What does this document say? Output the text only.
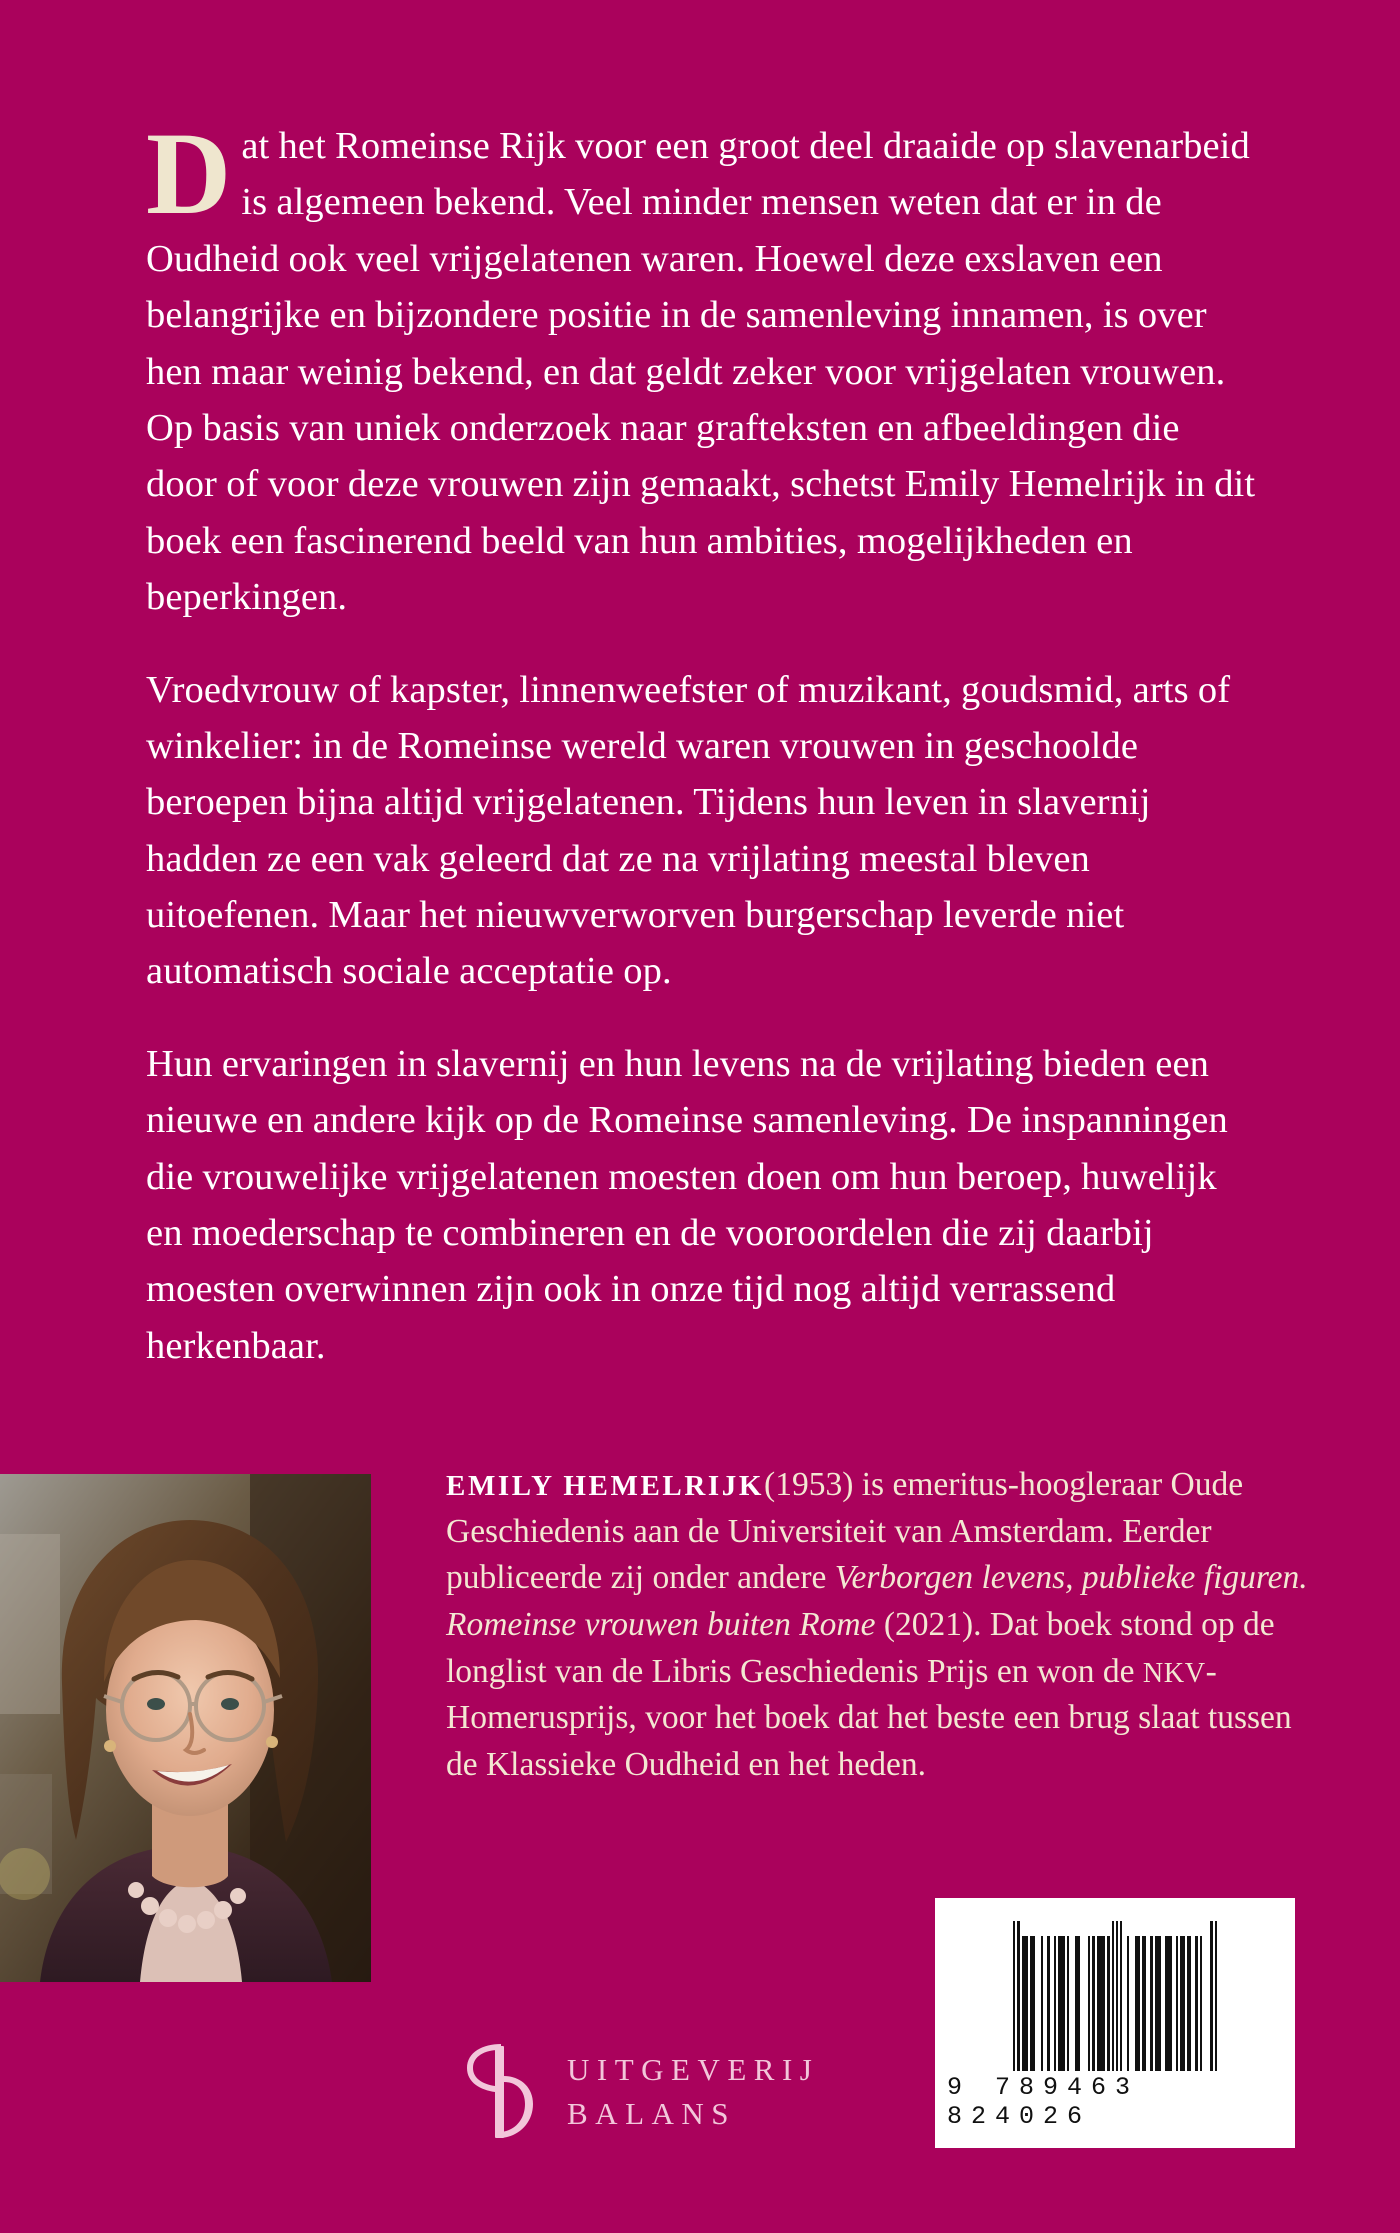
Dat het Romeinse Rijk voor een groot deel draaide op slavenarbeid is algemeen bekend. Veel minder mensen weten dat er in de Oudheid ook veel vrijgelatenen waren. Hoewel deze exslaven een belangrijke en bijzondere positie in de samenleving innamen, is over hen maar weinig bekend, en dat geldt zeker voor vrijgelaten vrouwen. Op basis van uniek onderzoek naar grafteksten en afbeeldingen die door of voor deze vrouwen zijn gemaakt, schetst Emily Hemelrijk in dit boek een fascinerend beeld van hun ambities, mogelijkheden en beperkingen.

Vroedvrouw of kapster, linnenweefster of muzikant, goudsmid, arts of winkelier: in de Romeinse wereld waren vrouwen in geschoolde beroepen bijna altijd vrijgelatenen. Tijdens hun leven in slavernij hadden ze een vak geleerd dat ze na vrijlating meestal bleven uitoefenen. Maar het nieuwverworven burgerschap leverde niet automatisch sociale acceptatie op.

Hun ervaringen in slavernij en hun levens na de vrijlating bieden een nieuwe en andere kijk op de Romeinse samenleving. De inspanningen die vrouwelijke vrijgelatenen moesten doen om hun beroep, huwelijk en moederschap te combineren en de vooroordelen die zij daarbij moesten overwinnen zijn ook in onze tijd nog altijd verrassend herkenbaar.

EMILY HEMELRIJK(1953) is emeritus-hoogleraar Oude Geschiedenis aan de Universiteit van Amsterdam. Eerder publiceerde zij onder andere Verborgen levens, publieke figuren. Romeinse vrouwen buiten Rome (2021). Dat boek stond op de longlist van de Libris Geschiedenis Prijs en won de NKV-Homerusprijs, voor het boek dat het beste een brug slaat tussen de Klassieke Oudheid en het heden.

9 789463 824026
UITGEVERIJ
BALANS
